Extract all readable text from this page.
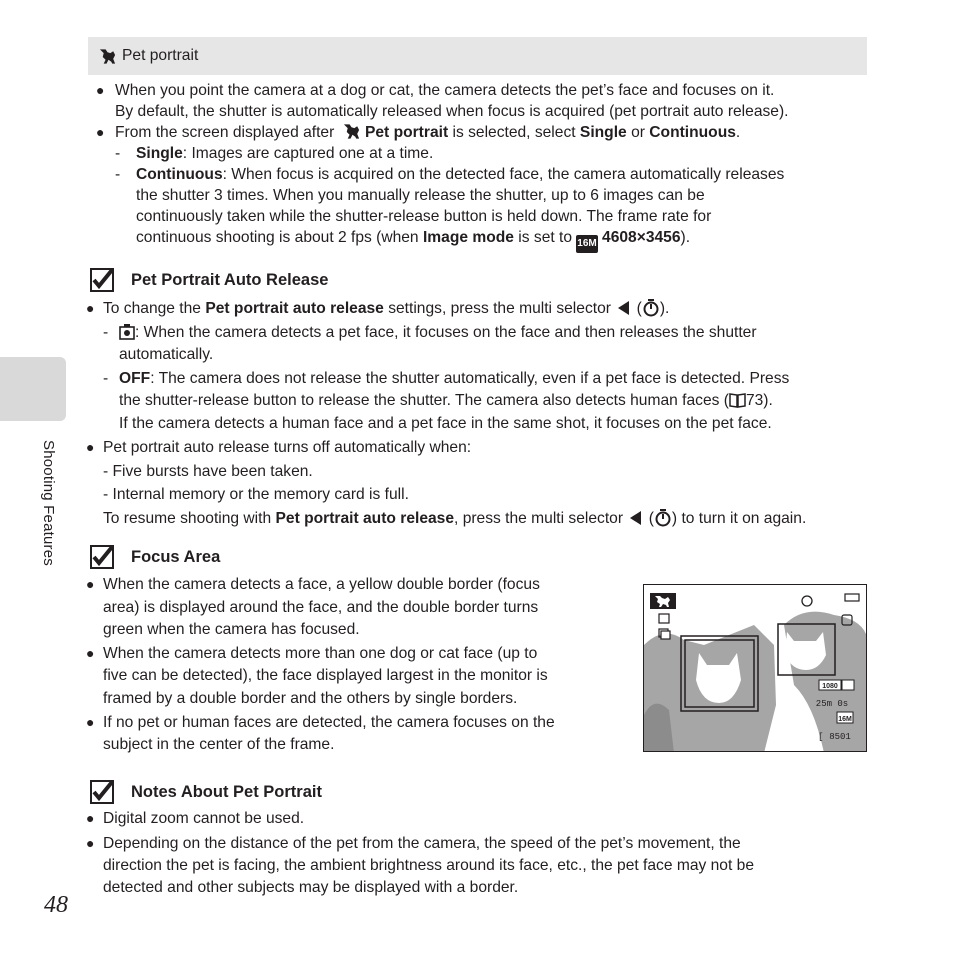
Shooting Features
Pet portrait
● When you point the camera at a dog or cat, the camera detects the pet’s face and focuses on it.
By default, the shutter is automatically released when focus is acquired (pet portrait auto release).
● From the screen displayed after Pet portrait is selected, select Single or Continuous.
- Single: Images are captured one at a time.
- Continuous: When focus is acquired on the detected face, the camera automatically releases
the shutter 3 times. When you manually release the shutter, up to 6 images can be
continuously taken while the shutter-release button is held down. The frame rate for
continuous shooting is about 2 fps (when Image mode is set to 16M 4608×3456).
Pet Portrait Auto Release
● To change the Pet portrait auto release settings, press the multi selector ( ).
-	: When the camera detects a pet face, it focuses on the face and then releases the shutter
automatically.
- OFF: The camera does not release the shutter automatically, even if a pet face is detected. Press
the shutter-release button to release the shutter. The camera also detects human faces ( 73).
If the camera detects a human face and a pet face in the same shot, it focuses on the pet face.
● Pet portrait auto release turns off automatically when:
- Five bursts have been taken.
- Internal memory or the memory card is full.
To resume shooting with Pet portrait auto release, press the multi selector ( ) to turn it on again.
Focus Area
● When the camera detects a face, a yellow double border (focus
area) is displayed around the face, and the double border turns
green when the camera has focused.
● When the camera detects more than one dog or cat face (up to
five can be detected), the face displayed largest in the monitor is
framed by a double border and the others by single borders.
● If no pet or human faces are detected, the camera focuses on the
subject in the center of the frame.
1080
25m 0s
16M
[ 8501
Notes About Pet Portrait
● Digital zoom cannot be used.
● Depending on the distance of the pet from the camera, the speed of the pet’s movement, the
direction the pet is facing, the ambient brightness around its face, etc., the pet face may not be
detected and other subjects may be displayed with a border.
48
